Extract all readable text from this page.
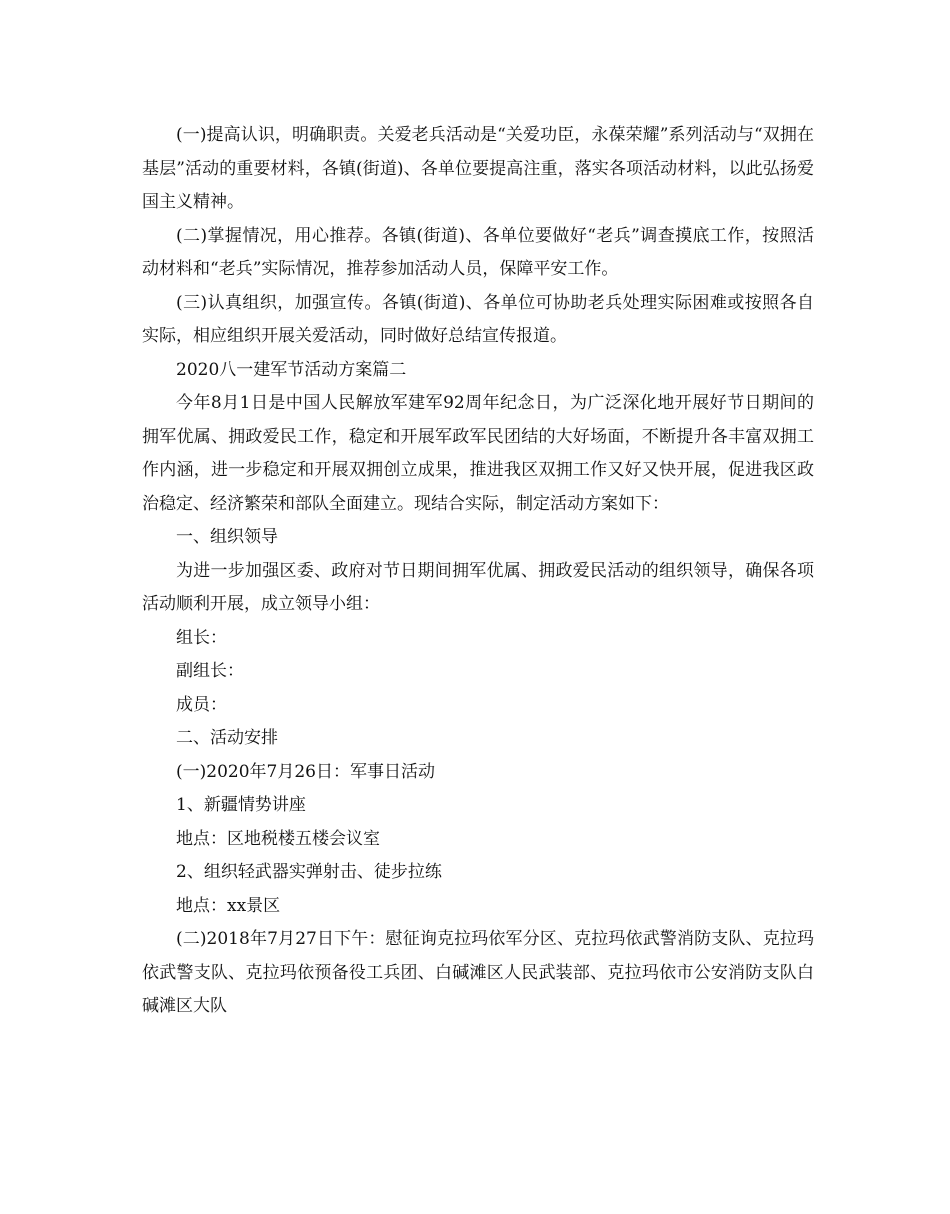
(一)提高认识，明确职责。关爱老兵活动是“关爱功臣，永葆荣耀”系列活动与“双拥在基层”活动的重要材料，各镇(街道)、各单位要提高注重，落实各项活动材料，以此弘扬爱国主义精神。

(二)掌握情况，用心推荐。各镇(街道)、各单位要做好“老兵”调查摸底工作，按照活动材料和“老兵”实际情况，推荐参加活动人员，保障平安工作。

(三)认真组织，加强宣传。各镇(街道)、各单位可协助老兵处理实际困难或按照各自实际，相应组织开展关爱活动，同时做好总结宣传报道。

2020八一建军节活动方案篇二

今年8月1日是中国人民解放军建军92周年纪念日，为广泛深化地开展好节日期间的拥军优属、拥政爱民工作，稳定和开展军政军民团结的大好场面，不断提升各丰富双拥工作内涵，进一步稳定和开展双拥创立成果，推进我区双拥工作又好又快开展，促进我区政治稳定、经济繁荣和部队全面建立。现结合实际，制定活动方案如下：

一、组织领导

为进一步加强区委、政府对节日期间拥军优属、拥政爱民活动的组织领导，确保各项活动顺利开展，成立领导小组：

组长：

副组长：

成员：

二、活动安排

(一)2020年7月26日：军事日活动

1、新疆情势讲座

地点：区地税楼五楼会议室

2、组织轻武器实弹射击、徒步拉练

地点：xx景区

(二)2018年7月27日下午：慰征询克拉玛依军分区、克拉玛依武警消防支队、克拉玛依武警支队、克拉玛依预备役工兵团、白碱滩区人民武装部、克拉玛依市公安消防支队白碱滩区大队
